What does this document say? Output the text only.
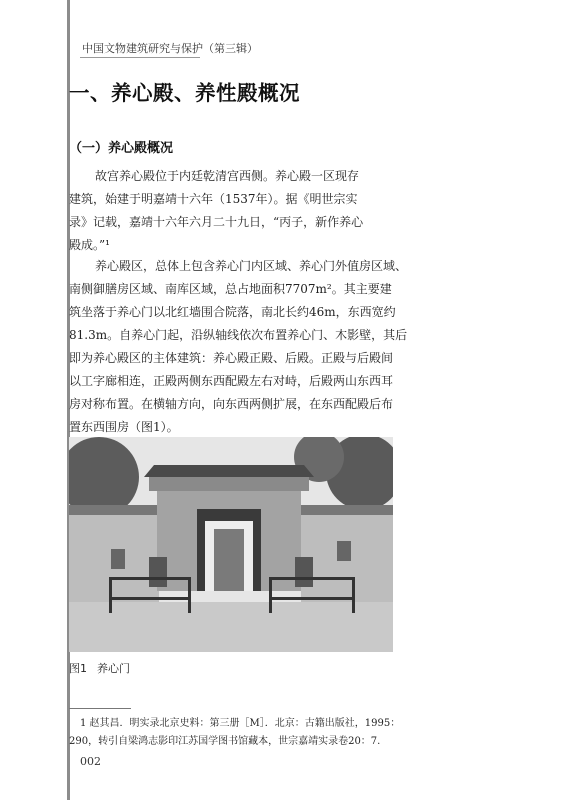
中国文物建筑研究与保护（第三辑）
一、养心殿、养性殿概况
（一）养心殿概况
故宫养心殿位于内廷乾清宫西侧。养心殿一区现存
建筑，始建于明嘉靖十六年（1537年）。据《明世宗实
录》记载，嘉靖十六年六月二十九日，“丙子，新作养心
殿成。”¹
养心殿区，总体上包含养心门内区域、养心门外值房区域、
南侧御膳房区域、南库区域，总占地面积7707m²。其主要建
筑坐落于养心门以北红墙围合院落，南北长约46m，东西宽约
81.3m。自养心门起，沿纵轴线依次布置养心门、木影壁，其后
即为养心殿区的主体建筑：养心殿正殿、后殿。正殿与后殿间
以工字廊相连，正殿两侧东西配殿左右对峙，后殿两山东西耳
房对称布置。在横轴方向，向东西两侧扩展，在东西配殿后布
置东西围房（图1）。
图1 养心门
1 赵其昌．明实录北京史料：第三册［M］．北京：古籍出版社，1995：
290，转引自梁鸿志影印江苏国学图书馆藏本，世宗嘉靖实录卷20：7.
002
